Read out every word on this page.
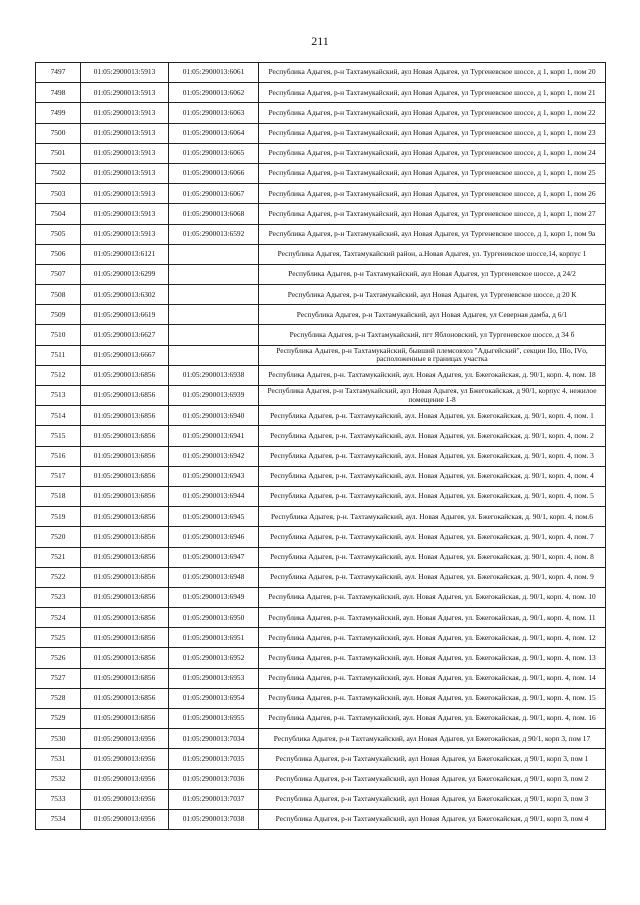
211
7497	01:05:2900013:5913	01:05:2900013:6061	Республика Адыгея, р-н Тахтамукайский, аул Новая Адыгея, ул Тургеневское шоссе, д 1, корп 1, пом 20
7498	01:05:2900013:5913	01:05:2900013:6062	Республика Адыгея, р-н Тахтамукайский, аул Новая Адыгея, ул Тургеневское шоссе, д 1, корп 1, пом 21
7499	01:05:2900013:5913	01:05:2900013:6063	Республика Адыгея, р-н Тахтамукайский, аул Новая Адыгея, ул Тургеневское шоссе, д 1, корп 1, пом 22
7500	01:05:2900013:5913	01:05:2900013:6064	Республика Адыгея, р-н Тахтамукайский, аул Новая Адыгея, ул Тургеневское шоссе, д 1, корп 1, пом 23
7501	01:05:2900013:5913	01:05:2900013:6065	Республика Адыгея, р-н Тахтамукайский, аул Новая Адыгея, ул Тургеневское шоссе, д 1, корп 1, пом 24
7502	01:05:2900013:5913	01:05:2900013:6066	Республика Адыгея, р-н Тахтамукайский, аул Новая Адыгея, ул Тургеневское шоссе, д 1, корп 1, пом 25
7503	01:05:2900013:5913	01:05:2900013:6067	Республика Адыгея, р-н Тахтамукайский, аул Новая Адыгея, ул Тургеневское шоссе, д 1, корп 1, пом 26
7504	01:05:2900013:5913	01:05:2900013:6068	Республика Адыгея, р-н Тахтамукайский, аул Новая Адыгея, ул Тургеневское шоссе, д 1, корп 1, пом 27
7505	01:05:2900013:5913	01:05:2900013:6592	Республика Адыгея, р-н Тахтамукайский, аул Новая Адыгея, ул Тургеневское шоссе, д 1, корп 1, пом 9а
7506	01:05:2900013:6121		Республика Адыгея, Тахтамукайский район, а.Новая Адыгея, ул. Тургеневское шоссе,14, корпус 1
7507	01:05:2900013:6299		Республика Адыгея, р-н Тахтамукайский, аул Новая Адыгея, ул Тургеневское шоссе, д 24/2
7508	01:05:2900013:6302		Республика Адыгея, р-н Тахтамукайский, аул Новая Адыгея, ул Тургеневское шоссе, д 20 К
7509	01:05:2900013:6619		Республика Адыгея, р-н Тахтамукайский, аул Новая Адыгея, ул Северная дамба, д 6/1
7510	01:05:2900013:6627		Республика Адыгея, р-н Тахтамукайский, пгт Яблоновский, ул Тургеневское шоссе, д 34 б
7511	01:05:2900013:6667		Республика Адыгея, р-н Тахтамукайский, бывший племсовхоз "Адыгейский", секции IIо, IIIо, IVо, расположенные в границах участка
7512	01:05:2900013:6856	01:05:2900013:6938	Республика Адыгея, р-н. Тахтамукайский, аул. Новая Адыгея, ул. Бжегокайская, д. 90/1, корп. 4, пом. 18
7513	01:05:2900013:6856	01:05:2900013:6939	Республика Адыгея, р-н Тахтамукайский, аул Новая Адыгея, ул Бжегокайская, д 90/1, корпус 4, нежилое помещение 1-8
7514	01:05:2900013:6856	01:05:2900013:6940	Республика Адыгея, р-н. Тахтамукайский, аул. Новая Адыгея, ул. Бжегокайская, д. 90/1, корп. 4, пом. 1
7515	01:05:2900013:6856	01:05:2900013:6941	Республика Адыгея, р-н. Тахтамукайский, аул. Новая Адыгея, ул. Бжегокайская, д. 90/1, корп. 4, пом. 2
7516	01:05:2900013:6856	01:05:2900013:6942	Республика Адыгея, р-н. Тахтамукайский, аул. Новая Адыгея, ул. Бжегокайская, д. 90/1, корп. 4, пом. 3
7517	01:05:2900013:6856	01:05:2900013:6943	Республика Адыгея, р-н. Тахтамукайский, аул. Новая Адыгея, ул. Бжегокайская, д. 90/1, корп. 4, пом. 4
7518	01:05:2900013:6856	01:05:2900013:6944	Республика Адыгея, р-н. Тахтамукайский, аул. Новая Адыгея, ул. Бжегокайская, д. 90/1, корп. 4, пом. 5
7519	01:05:2900013:6856	01:05:2900013:6945	Республика Адыгея, р-н. Тахтамукайский, аул. Новая Адыгея, ул. Бжегокайская, д. 90/1, корп. 4, пом.6
7520	01:05:2900013:6856	01:05:2900013:6946	Республика Адыгея, р-н. Тахтамукайский, аул. Новая Адыгея, ул. Бжегокайская, д. 90/1, корп. 4, пом. 7
7521	01:05:2900013:6856	01:05:2900013:6947	Республика Адыгея, р-н. Тахтамукайский, аул. Новая Адыгея, ул. Бжегокайская, д. 90/1, корп. 4, пом. 8
7522	01:05:2900013:6856	01:05:2900013:6948	Республика Адыгея, р-н. Тахтамукайский, аул. Новая Адыгея, ул. Бжегокайская, д. 90/1, корп. 4, пом. 9
7523	01:05:2900013:6856	01:05:2900013:6949	Республика Адыгея, р-н. Тахтамукайский, аул. Новая Адыгея, ул. Бжегокайская, д. 90/1, корп. 4, пом. 10
7524	01:05:2900013:6856	01:05:2900013:6950	Республика Адыгея, р-н. Тахтамукайский, аул. Новая Адыгея, ул. Бжегокайская, д. 90/1, корп. 4, пом. 11
7525	01:05:2900013:6856	01:05:2900013:6951	Республика Адыгея, р-н. Тахтамукайский, аул. Новая Адыгея, ул. Бжегокайская, д. 90/1, корп. 4, пом. 12
7526	01:05:2900013:6856	01:05:2900013:6952	Республика Адыгея, р-н. Тахтамукайский, аул. Новая Адыгея, ул. Бжегокайская, д. 90/1, корп. 4, пом. 13
7527	01:05:2900013:6856	01:05:2900013:6953	Республика Адыгея, р-н. Тахтамукайский, аул. Новая Адыгея, ул. Бжегокайская, д. 90/1, корп. 4, пом. 14
7528	01:05:2900013:6856	01:05:2900013:6954	Республика Адыгея, р-н. Тахтамукайский, аул. Новая Адыгея, ул. Бжегокайская, д. 90/1, корп. 4, пом. 15
7529	01:05:2900013:6856	01:05:2900013:6955	Республика Адыгея, р-н. Тахтамукайский, аул. Новая Адыгея, ул. Бжегокайская, д. 90/1, корп. 4, пом. 16
7530	01:05:2900013:6956	01:05:2900013:7034	Республика Адыгея, р-н Тахтамукайский, аул Новая Адыгея, ул Бжегокайская, д 90/1, корп 3, пом 17
7531	01:05:2900013:6956	01:05:2900013:7035	Республика Адыгея, р-н Тахтамукайский, аул Новая Адыгея, ул Бжегокайская, д 90/1, корп 3, пом 1
7532	01:05:2900013:6956	01:05:2900013:7036	Республика Адыгея, р-н Тахтамукайский, аул Новая Адыгея, ул Бжегокайская, д 90/1, корп 3, пом 2
7533	01:05:2900013:6956	01:05:2900013:7037	Республика Адыгея, р-н Тахтамукайский, аул Новая Адыгея, ул Бжегокайская, д 90/1, корп 3, пом 3
7534	01:05:2900013:6956	01:05:2900013:7038	Республика Адыгея, р-н Тахтамукайский, аул Новая Адыгея, ул Бжегокайская, д 90/1, корп 3, пом 4
